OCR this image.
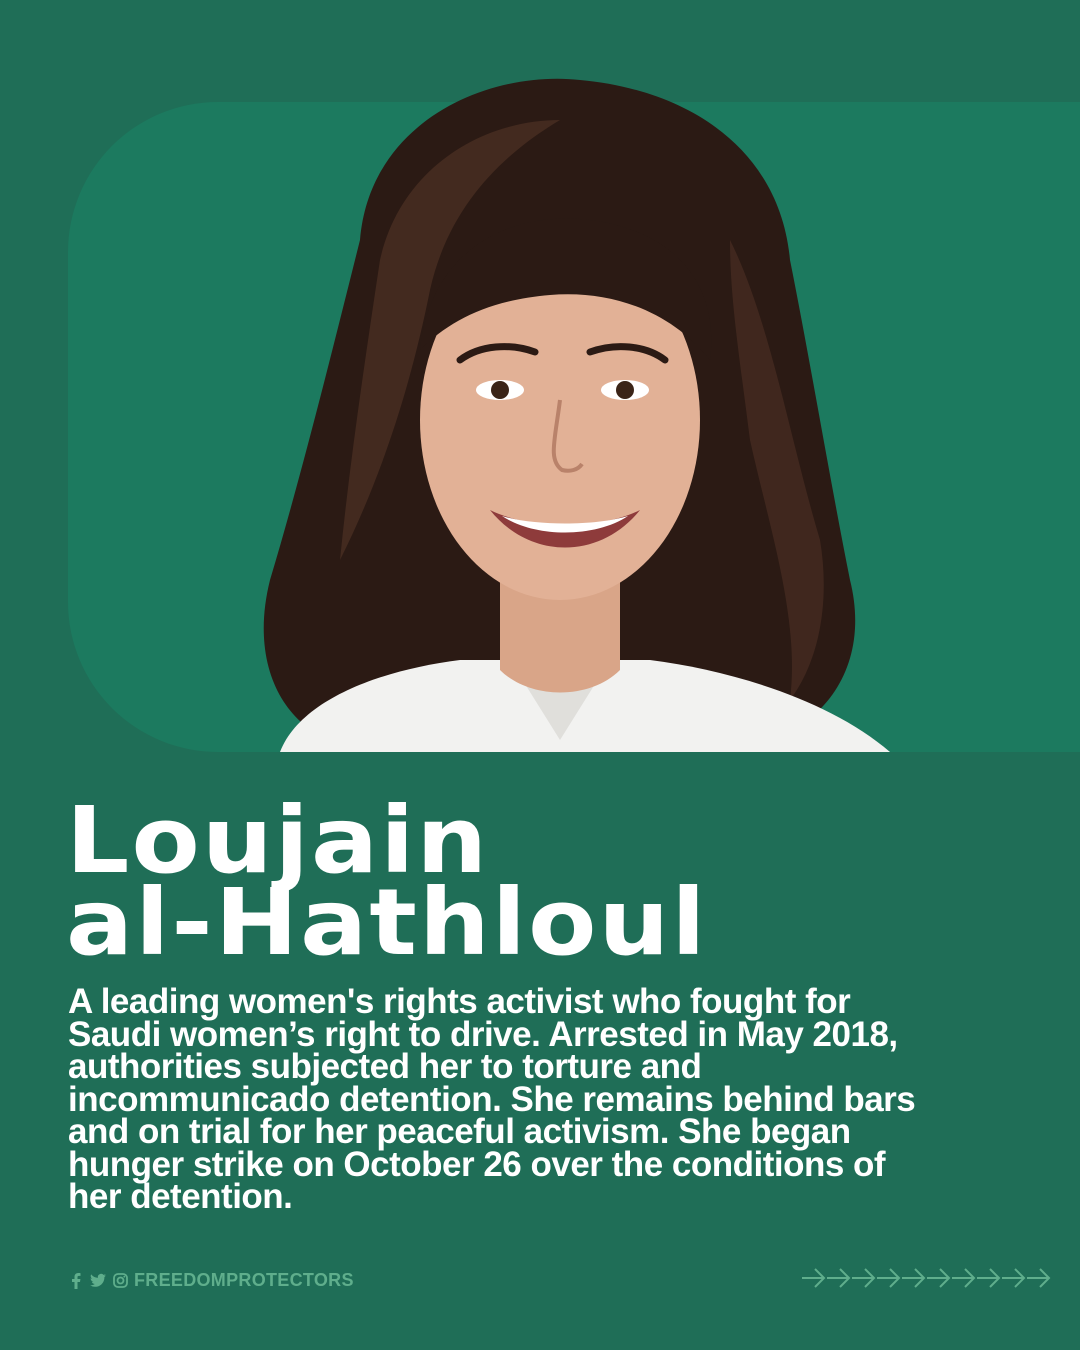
Loujain
al-Hathloul

A leading women's rights activist who fought for Saudi women’s right to drive. Arrested in May 2018, authorities subjected her to torture and incommunicado detention. She remains behind bars and on trial for her peaceful activism. She began hunger strike on October 26 over the conditions of her detention.

FREEDOMPROTECTORS
